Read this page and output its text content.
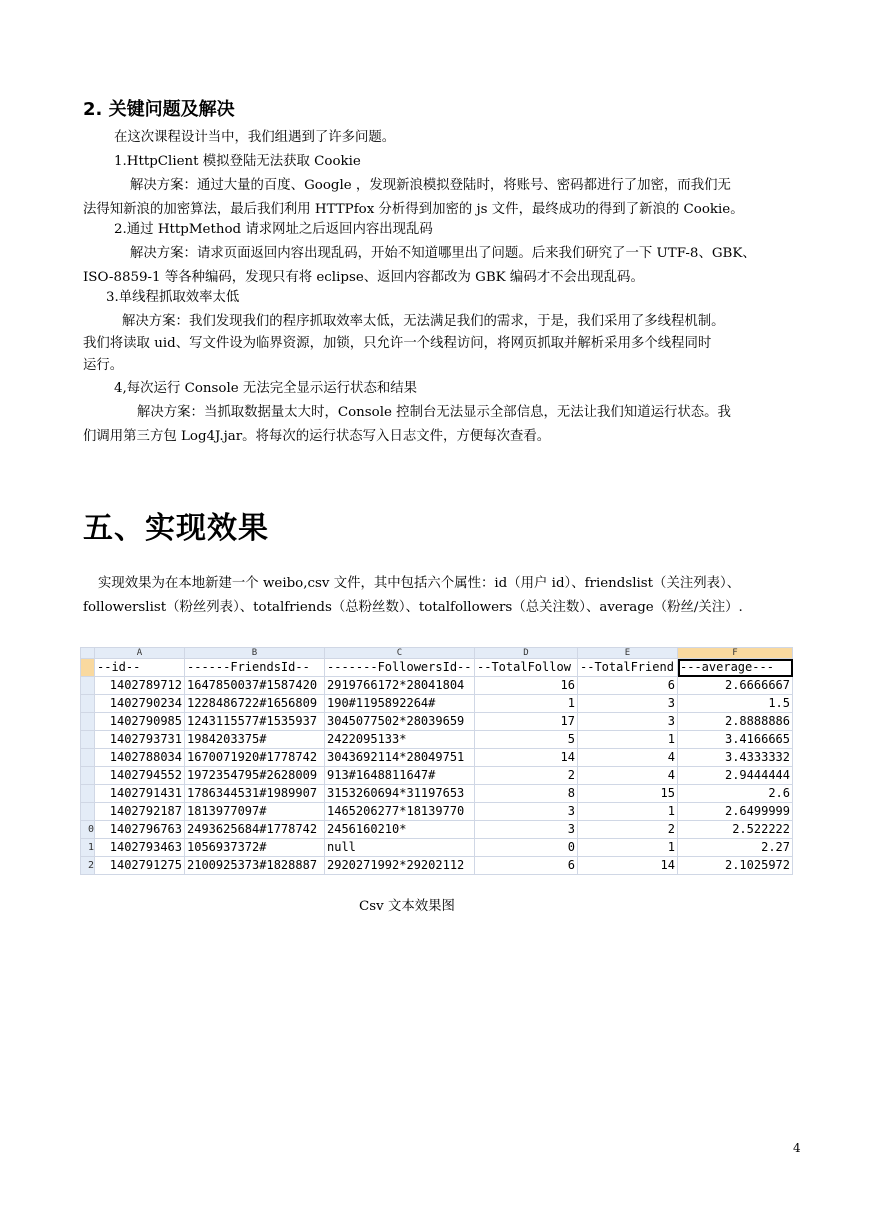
2. 关键问题及解决
在这次课程设计当中，我们组遇到了许多问题。
1.HttpClient 模拟登陆无法获取 Cookie
解决方案：通过大量的百度、Google ，发现新浪模拟登陆时，将账号、密码都进行了加密，而我们无
法得知新浪的加密算法，最后我们利用 HTTPfox 分析得到加密的 js 文件，最终成功的得到了新浪的 Cookie。
2.通过 HttpMethod 请求网址之后返回内容出现乱码
解决方案：请求页面返回内容出现乱码，开始不知道哪里出了问题。后来我们研究了一下 UTF-8、GBK、
ISO-8859-1 等各种编码，发现只有将 eclipse、返回内容都改为 GBK 编码才不会出现乱码。
3.单线程抓取效率太低
解决方案：我们发现我们的程序抓取效率太低，无法满足我们的需求，于是，我们采用了多线程机制。
我们将读取 uid、写文件设为临界资源，加锁，只允许一个线程访问，将网页抓取并解析采用多个线程同时
运行。
4,每次运行 Console 无法完全显示运行状态和结果
解决方案：当抓取数据量太大时，Console 控制台无法显示全部信息，无法让我们知道运行状态。我
们调用第三方包 Log4J.jar。将每次的运行状态写入日志文件，方便每次查看。
五、实现效果
实现效果为在本地新建一个 weibo,csv 文件，其中包括六个属性：id（用户 id）、friendslist（关注列表）、
followerslist（粉丝列表）、totalfriends（总粉丝数）、totalfollowers（总关注数）、average（粉丝/关注）.
	A	B	C	D	E	F
	--id--	------FriendsId--	-------FollowersId--	--TotalFollow	--TotalFriend	---average---
	1402789712	1647850037#1587420	2919766172*28041804	16	6	2.6666667
	1402790234	1228486722#1656809	190#1195892264#	1	3	1.5
	1402790985	1243115577#1535937	3045077502*28039659	17	3	2.8888886
	1402793731	1984203375#	2422095133*	5	1	3.4166665
	1402788034	1670071920#1778742	3043692114*28049751	14	4	3.4333332
	1402794552	1972354795#2628009	913#1648811647#	2	4	2.9444444
	1402791431	1786344531#1989907	3153260694*31197653	8	15	2.6
	1402792187	1813977097#	1465206277*18139770	3	1	2.6499999
0	1402796763	2493625684#1778742	2456160210*	3	2	2.522222
1	1402793463	1056937372#	null	0	1	2.27
2	1402791275	2100925373#1828887	2920271992*29202112	6	14	2.1025972
Csv 文本效果图
4
